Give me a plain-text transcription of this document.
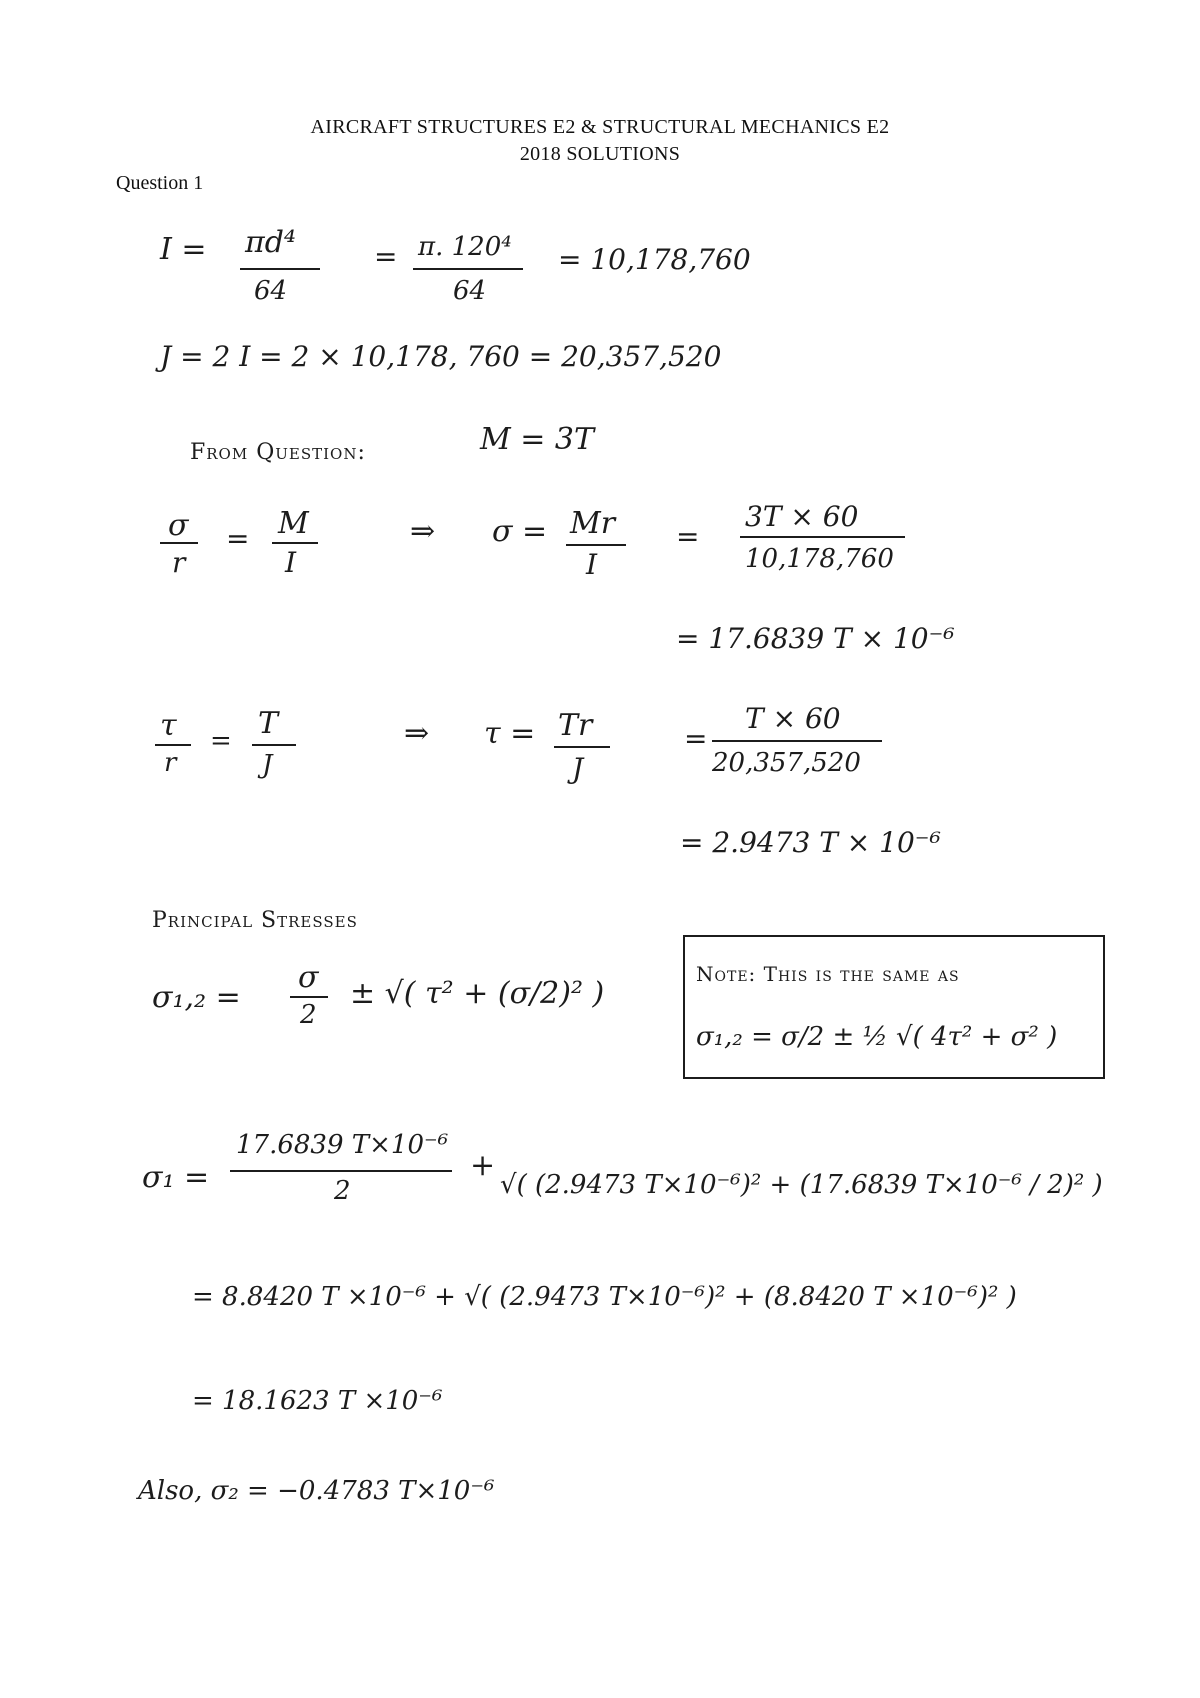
AIRCRAFT STRUCTURES E2 & STRUCTURAL MECHANICS E2
2018 SOLUTIONS
Question 1
I = πd⁴
64
= π. 120⁴
64
= 10,178,760
J = 2 I = 2 × 10,178, 760 = 20,357,520
From Question:	M = 3T
σ
r
= M
I
⇒ σ = Mr
I
=
3T × 60
10,178,760
= 17.6839 T × 10⁻⁶
τ
r
= T
J
⇒ τ = Tr
J
=
T × 60
20,357,520
= 2.9473 T × 10⁻⁶
Principal Stresses
σ₁,₂ =
σ
2
± √( τ² + (σ/2)² )
Note: This is the same as
σ₁,₂ = σ/2 ± ½ √( 4τ² + σ² )
σ₁ =
17.6839 T×10⁻⁶
2
+
√( (2.9473 T×10⁻⁶)² + (17.6839 T×10⁻⁶ / 2)² )
= 8.8420 T ×10⁻⁶ + √( (2.9473 T×10⁻⁶)² + (8.8420 T ×10⁻⁶)² )
= 18.1623 T ×10⁻⁶
Also, σ₂ = −0.4783 T×10⁻⁶
